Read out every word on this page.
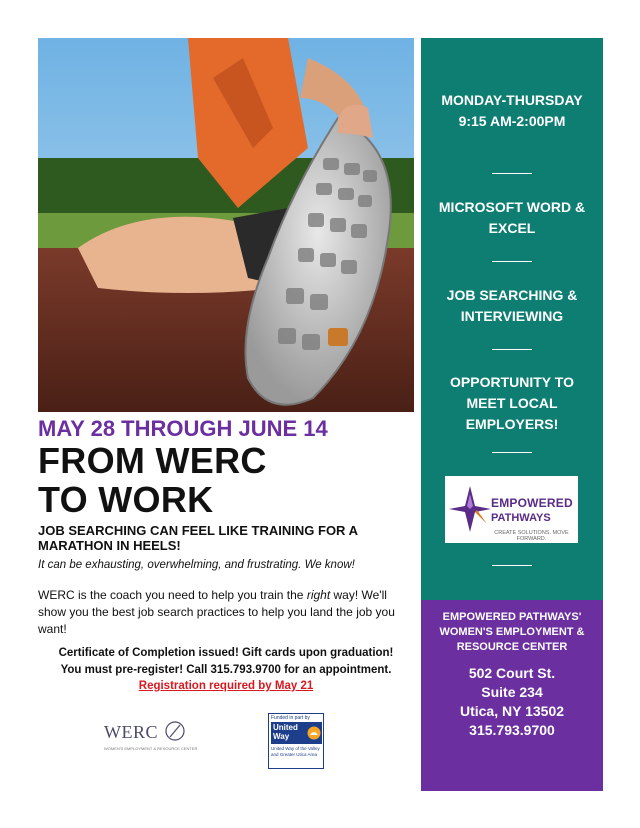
MONDAY-THURSDAY 9:15 AM-2:00PM
MICROSOFT WORD & EXCEL
JOB SEARCHING & INTERVIEWING
OPPORTUNITY TO MEET LOCAL EMPLOYERS!
EMPOWERED
PATHWAYS
CREATE SOLUTIONS. MOVE FORWARD.
EMPOWERED PATHWAYS' WOMEN'S EMPLOYMENT & RESOURCE CENTER
502 Court St.
Suite 234
Utica, NY 13502
315.793.9700
MAY 28 THROUGH JUNE 14
FROM WERC
TO WORK
JOB SEARCHING CAN FEEL LIKE TRAINING FOR A MARATHON IN HEELS!
It can be exhausting, overwhelming, and frustrating. We know!
WERC is the coach you need to help you train the right way! We'll show you the best job search practices to help you land the job you want!
Certificate of Completion issued! Gift cards upon graduation!
You must pre-register! Call 315.793.9700 for an appointment.
Registration required by May 21
WERC
WOMEN'S EMPLOYMENT & RESOURCE CENTER
Funded in part by
United
Way
United Way of the Valley and Greater Utica Area
